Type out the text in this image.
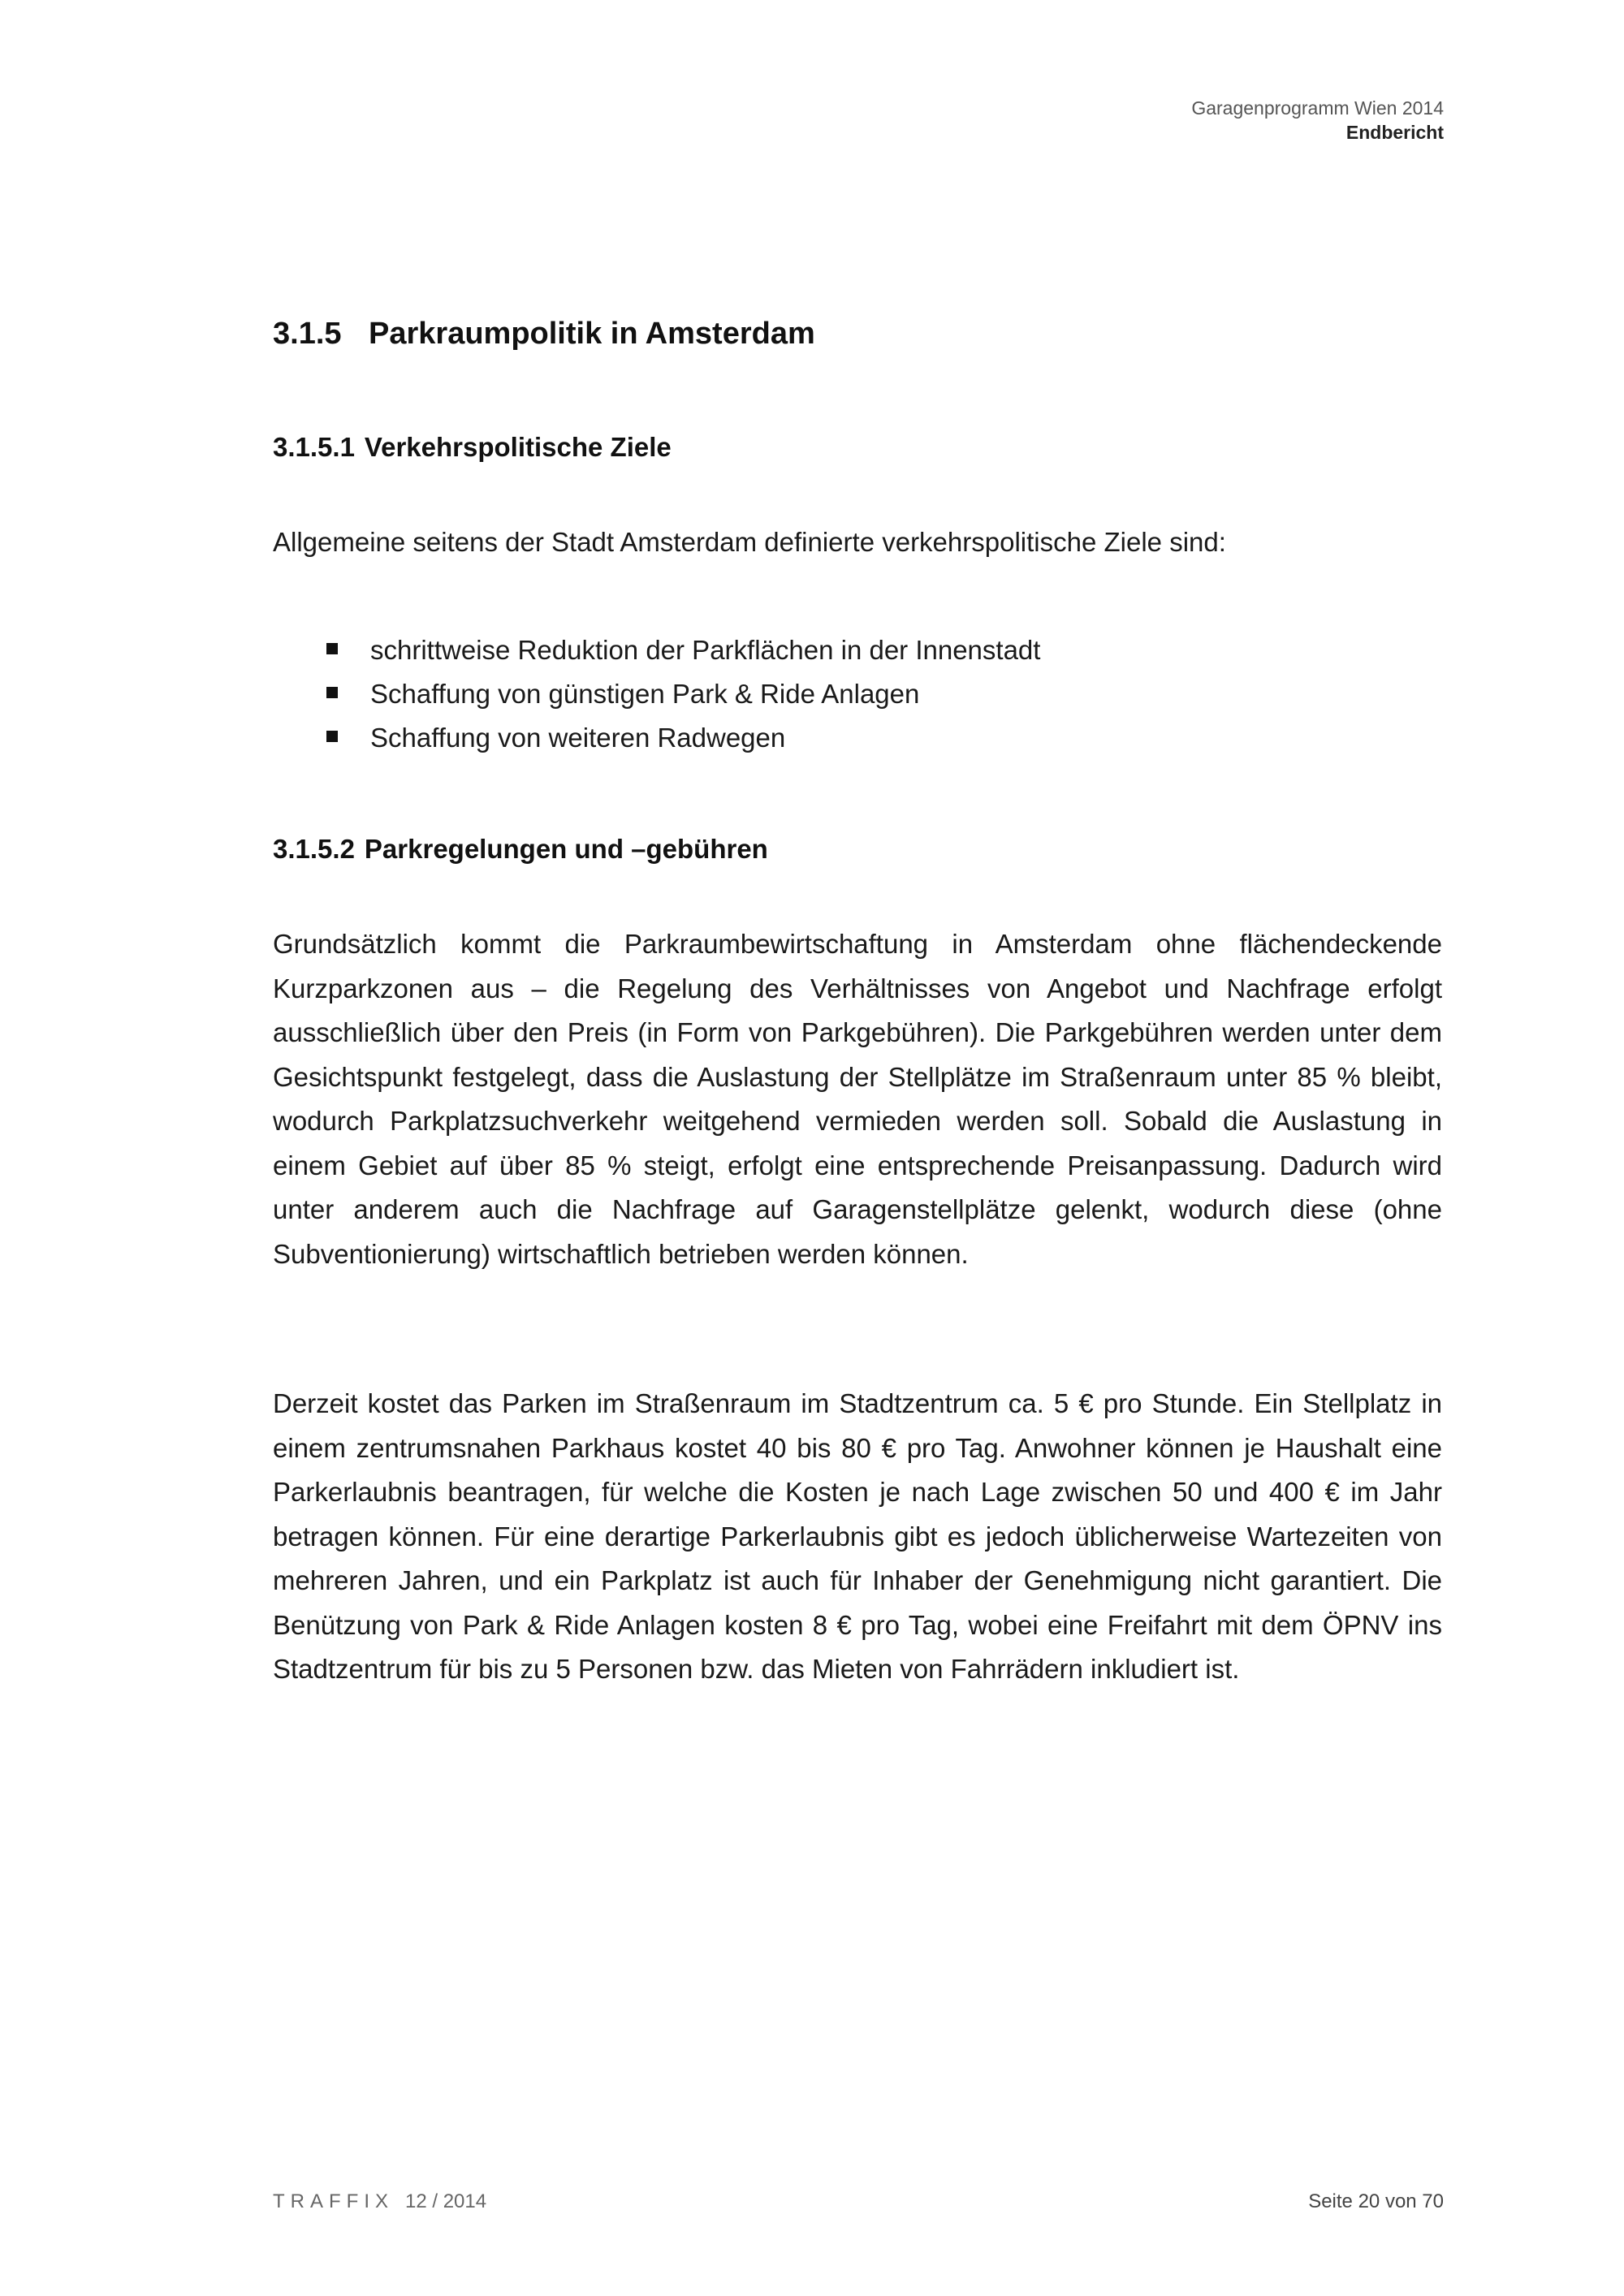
Garagenprogramm Wien 2014
Endbericht
3.1.5 Parkraumpolitik in Amsterdam
3.1.5.1 Verkehrspolitische Ziele

Allgemeine seitens der Stadt Amsterdam definierte verkehrspolitische Ziele sind:

schrittweise Reduktion der Parkflächen in der Innenstadt
Schaffung von günstigen Park & Ride Anlagen
Schaffung von weiteren Radwegen
3.1.5.2 Parkregelungen und –gebühren

Grundsätzlich kommt die Parkraumbewirtschaftung in Amsterdam ohne flächendeckende Kurzparkzonen aus – die Regelung des Verhältnisses von Angebot und Nachfrage erfolgt ausschließlich über den Preis (in Form von Parkgebühren). Die Parkgebühren werden unter dem Gesichtspunkt festgelegt, dass die Auslastung der Stellplätze im Straßenraum unter 85 % bleibt, wodurch Parkplatzsuchverkehr weitgehend vermieden werden soll. Sobald die Auslastung in einem Gebiet auf über 85 % steigt, erfolgt eine entsprechende Preisanpassung. Dadurch wird unter anderem auch die Nachfrage auf Garagenstellplätze gelenkt, wodurch diese (ohne Subventionierung) wirtschaftlich betrieben werden können.

Derzeit kostet das Parken im Straßenraum im Stadtzentrum ca. 5 € pro Stunde. Ein Stellplatz in einem zentrumsnahen Parkhaus kostet 40 bis 80 € pro Tag. Anwohner können je Haushalt eine Parkerlaubnis beantragen, für welche die Kosten je nach Lage zwischen 50 und 400 € im Jahr betragen können. Für eine derartige Parkerlaubnis gibt es jedoch üblicherweise Wartezeiten von mehreren Jahren, und ein Parkplatz ist auch für Inhaber der Genehmigung nicht garantiert. Die Benützung von Park & Ride Anlagen kosten 8 € pro Tag, wobei eine Freifahrt mit dem ÖPNV ins Stadtzentrum für bis zu 5 Personen bzw. das Mieten von Fahrrädern inkludiert ist.

TRAFFIX 12 / 2014	Seite 20 von 70
